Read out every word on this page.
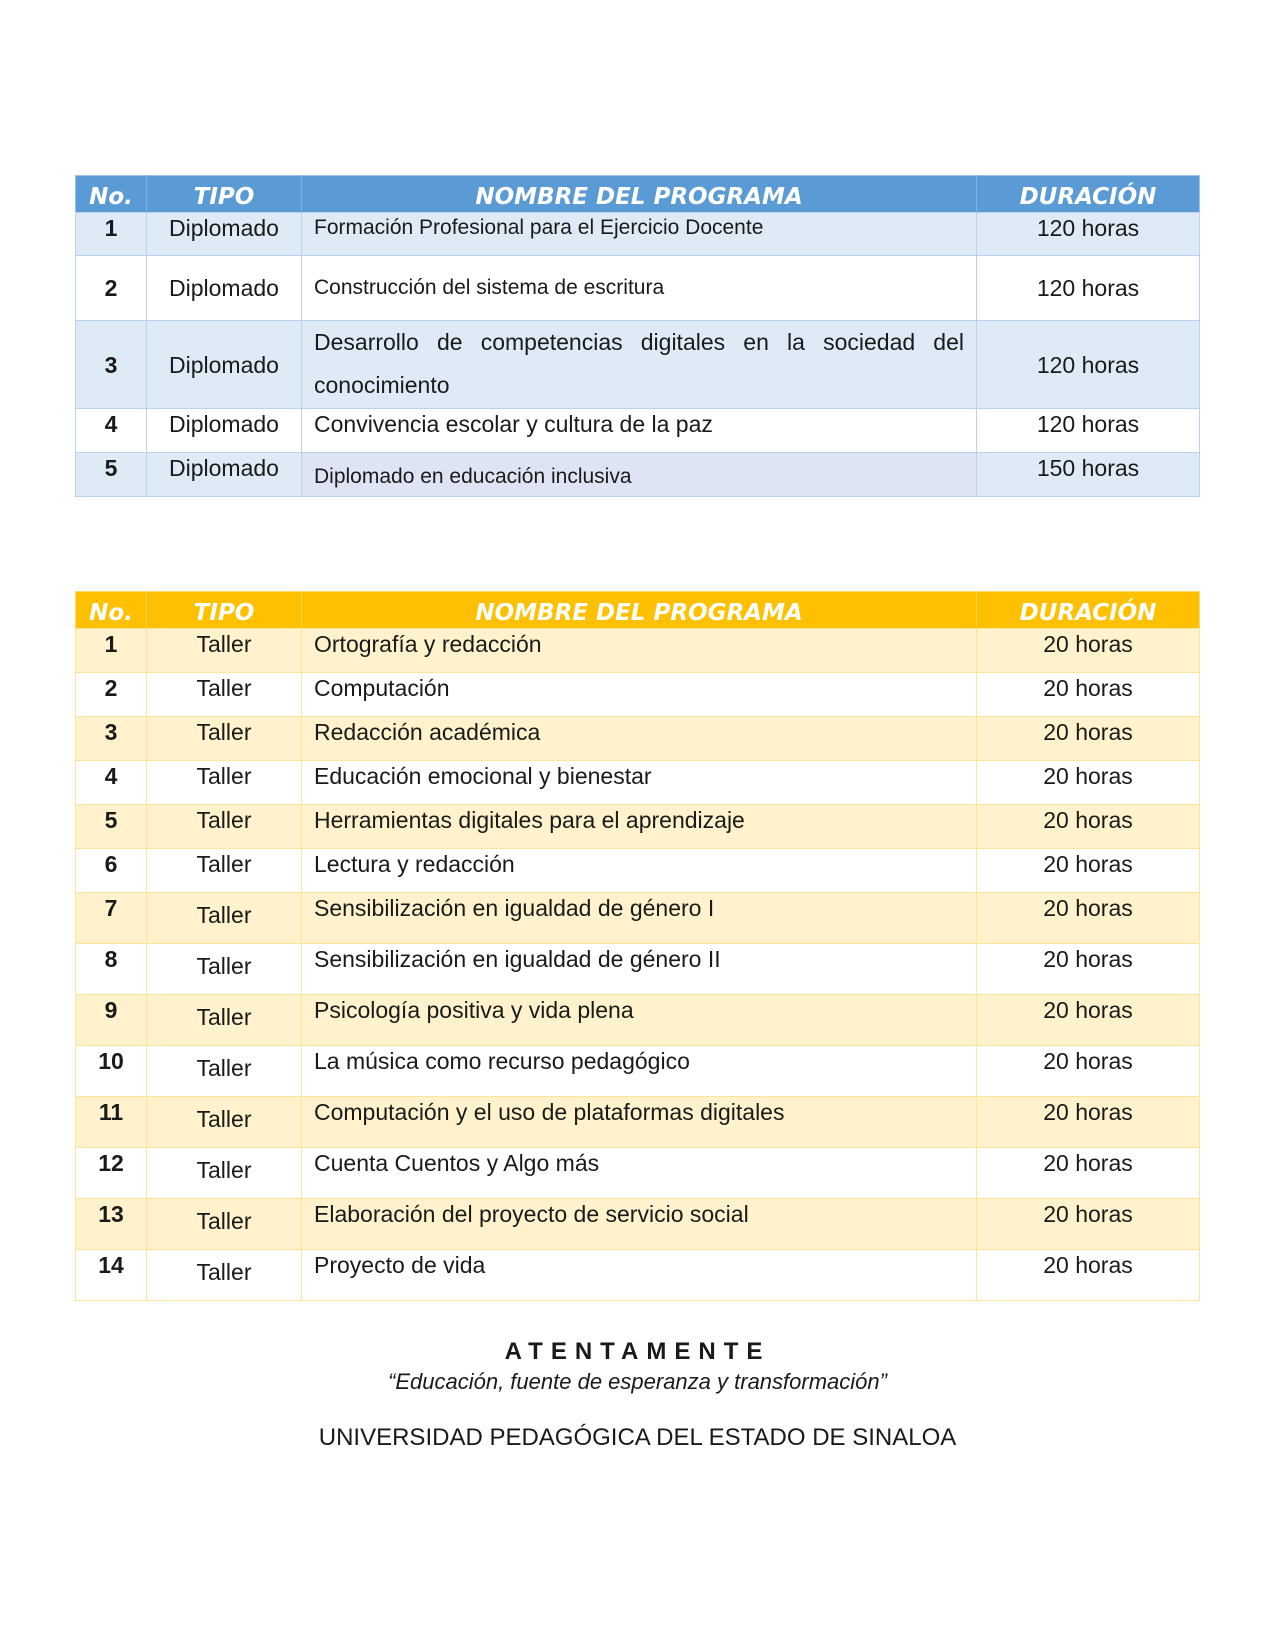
No.	TIPO	NOMBRE DEL PROGRAMA	DURACIÓN
1	Diplomado	Formación Profesional para el Ejercicio Docente	120 horas
2	Diplomado	Construcción del sistema de escritura	120 horas
3	Diplomado	Desarrollo de competencias digitales en la sociedad del conocimiento	120 horas
4	Diplomado	Convivencia escolar y cultura de la paz	120 horas
5	Diplomado	Diplomado en educación inclusiva	150 horas
No.	TIPO	NOMBRE DEL PROGRAMA	DURACIÓN
1	Taller	Ortografía y redacción	20 horas
2	Taller	Computación	20 horas
3	Taller	Redacción académica	20 horas
4	Taller	Educación emocional y bienestar	20 horas
5	Taller	Herramientas digitales para el aprendizaje	20 horas
6	Taller	Lectura y redacción	20 horas
7	Taller	Sensibilización en igualdad de género I	20 horas
8	Taller	Sensibilización en igualdad de género II	20 horas
9	Taller	Psicología positiva y vida plena	20 horas
10	Taller	La música como recurso pedagógico	20 horas
11	Taller	Computación y el uso de plataformas digitales	20 horas
12	Taller	Cuenta Cuentos y Algo más	20 horas
13	Taller	Elaboración del proyecto de servicio social	20 horas
14	Taller	Proyecto de vida	20 horas
ATENTAMENTE
“Educación, fuente de esperanza y transformación”
UNIVERSIDAD PEDAGÓGICA DEL ESTADO DE SINALOA
